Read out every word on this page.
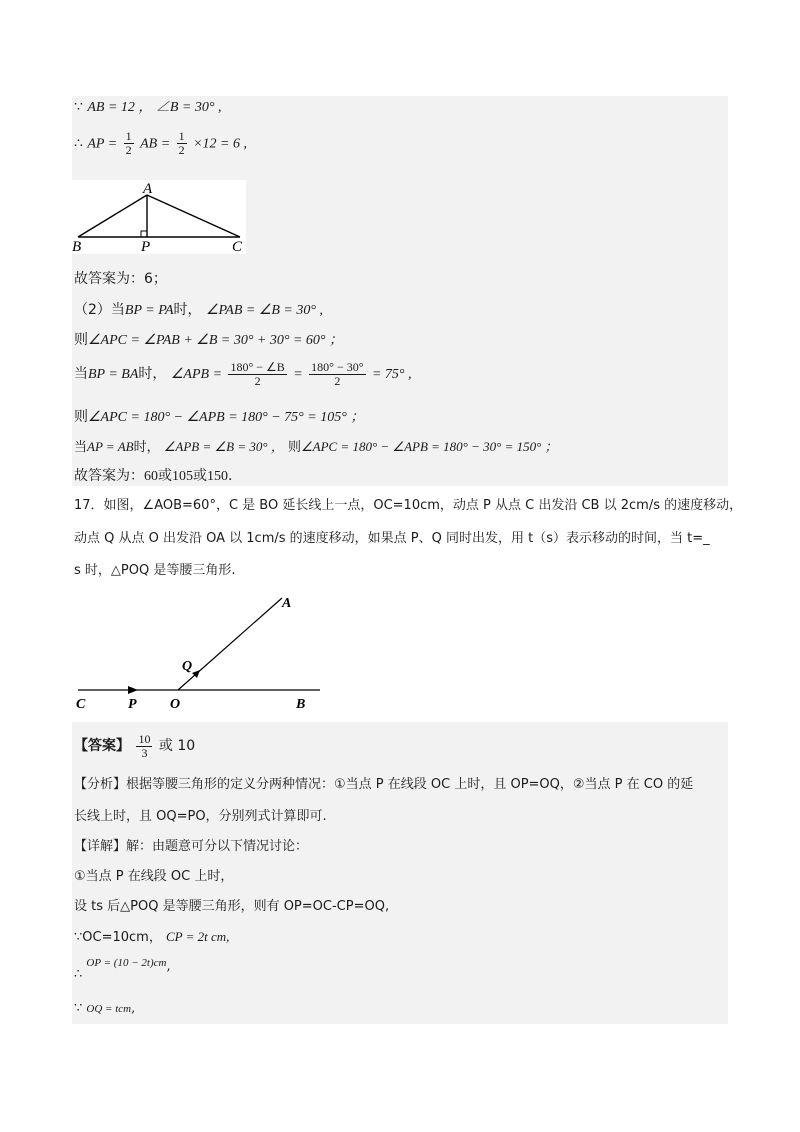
∵ AB = 12 ， ∠B = 30° ,
∴ AP = $\frac{1}{2}$ AB = $\frac{1}{2} \times 12 = 6$ ,
A
B	P	C
故答案为：6；
（2）当BP = PA时， ∠PAB = ∠B = 30° ,
则∠APC = ∠PAB + ∠B = 30° + 30° = 60° ；
当BP = BA时， ∠APB = $\frac{180^\circ - \angle B}{2} = \frac{180^\circ - 30^\circ}{2} = 75^\circ$ ,
则∠APC = 180° − ∠APB = 180° − 75° = 105° ；
当AP = AB时， ∠APB = ∠B = 30° ， 则∠APC = 180° − ∠APB = 180° − 30° = 150° ；
故答案为：60或105或150.
17．如图，∠AOB=60°，C 是 BO 延长线上一点，OC=10cm，动点 P 从点 C 出发沿 CB 以 2cm/s 的速度移动，
动点 Q 从点 O 出发沿 OA 以 1cm/s 的速度移动，如果点 P、Q 同时出发，用 t（s）表示移动的时间，当 t=_
s 时，△POQ 是等腰三角形.
A
Q
C	P O	B
【答案】 $\frac{10}{3}$ 或 10
【分析】根据等腰三角形的定义分两种情况：①当点 P 在线段 OC 上时，且 OP=OQ，②当点 P 在 CO 的延
长线上时，且 OQ=PO，分别列式计算即可.
【详解】解：由题意可分以下情况讨论：
①当点 P 在线段 OC 上时，
设 ts 后△POQ 是等腰三角形，则有 OP=OC-CP=OQ,
∵OC=10cm， CP = 2t cm,
∴ $^{OP = (10 - 2t)cm}$,
∵ OQ = tcm,
